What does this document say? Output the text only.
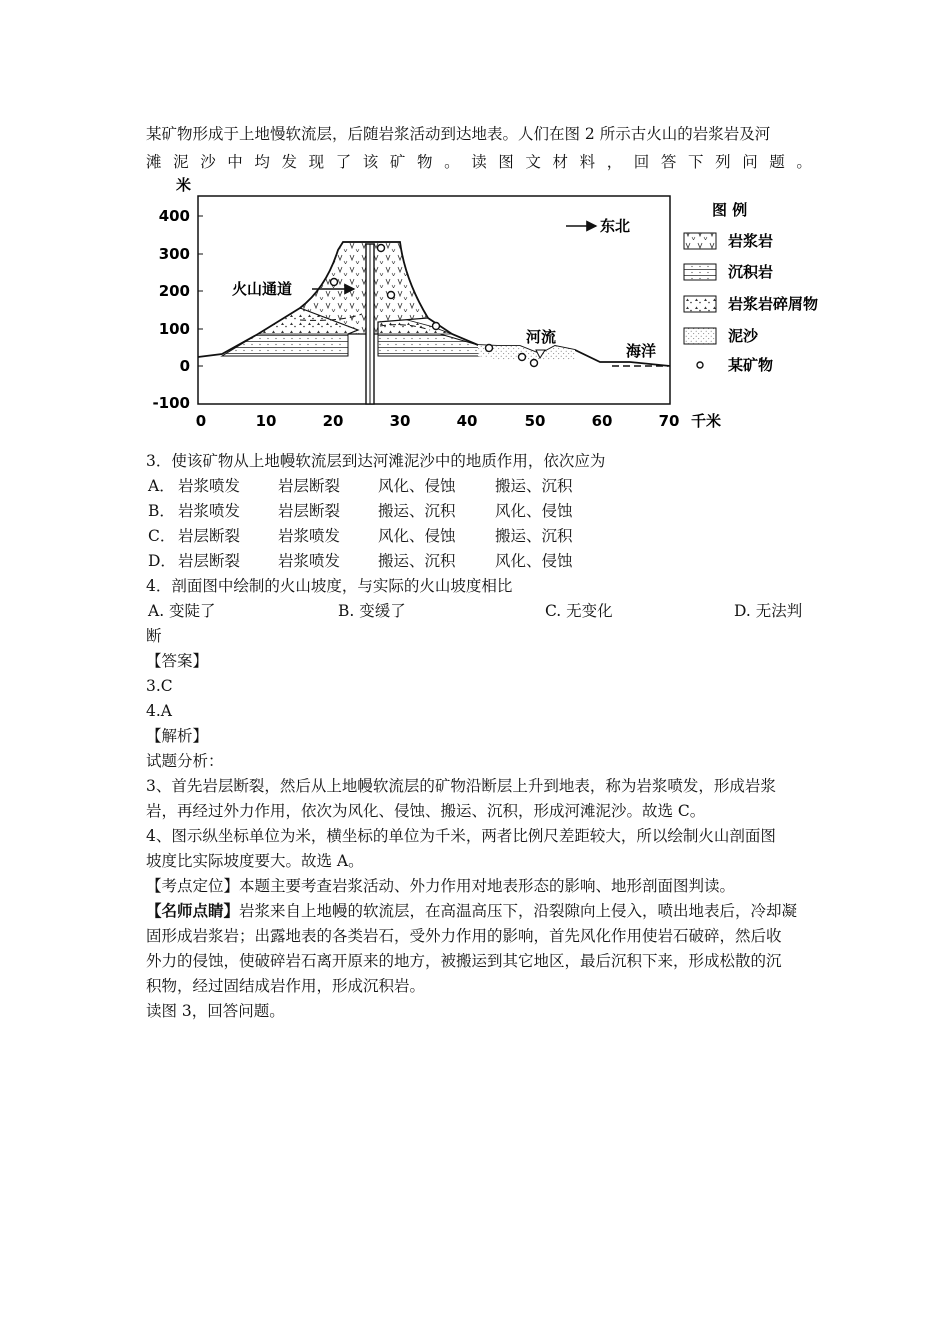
某矿物形成于上地慢软流层，后随岩浆活动到达地表。人们在图 2 所示古火山的岩浆岩及河
滩泥沙中均发现了该矿物。读图文材料，回答下列问题。
米
400
300
200
100
0
-100
0	10	20	30	40	50	60	70 千米
火山通道
东北
河流
海洋
图 例
岩浆岩
沉积岩
岩浆岩碎屑物
泥沙
某矿物
3．使该矿物从上地幔软流层到达河滩泥沙中的地质作用，依次应为
A． 岩浆喷发 岩层断裂 风化、侵蚀	搬运、沉积
B． 岩浆喷发 岩层断裂 搬运、沉积	风化、侵蚀
C． 岩层断裂 岩浆喷发 风化、侵蚀	搬运、沉积
D． 岩层断裂 岩浆喷发 搬运、沉积	风化、侵蚀
4．剖面图中绘制的火山坡度，与实际的火山坡度相比
A. 变陡了	B. 变缓了	C. 无变化	D. 无法判
断
【答案】
3.C
4.A
【解析】
试题分析：
3、首先岩层断裂，然后从上地幔软流层的矿物沿断层上升到地表，称为岩浆喷发，形成岩浆
岩，再经过外力作用，依次为风化、侵蚀、搬运、沉积，形成河滩泥沙。故选 C。
4、图示纵坐标单位为米，横坐标的单位为千米，两者比例尺差距较大，所以绘制火山剖面图
坡度比实际坡度要大。故选 A。
【考点定位】本题主要考查岩浆活动、外力作用对地表形态的影响、地形剖面图判读。
【名师点睛】岩浆来自上地幔的软流层，在高温高压下，沿裂隙向上侵入，喷出地表后，冷却凝
固形成岩浆岩；出露地表的各类岩石，受外力作用的影响，首先风化作用使岩石破碎，然后收
外力的侵蚀，使破碎岩石离开原来的地方，被搬运到其它地区，最后沉积下来，形成松散的沉
积物，经过固结成岩作用，形成沉积岩。
读图 3，回答问题。
